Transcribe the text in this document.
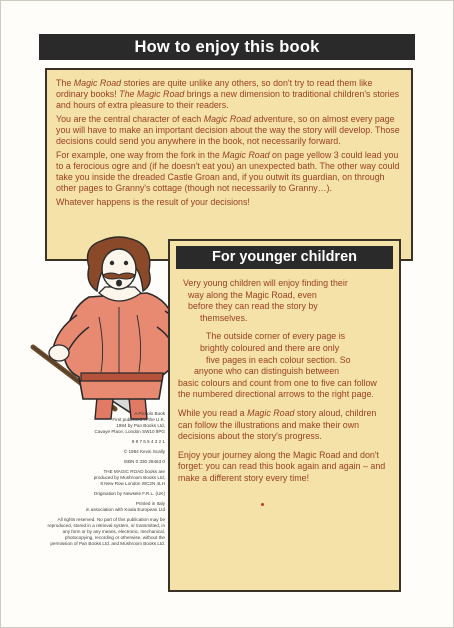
How to enjoy this book

The Magic Road stories are quite unlike any others, so don't try to read them like ordinary books! The Magic Road brings a new dimension to traditional children's stories and hours of extra pleasure to their readers.

You are the central character of each Magic Road adventure, so on almost every page you will have to make an important decision about the way the story will develop. Those decisions could send you anywhere in the book, not necessarily forward.

For example, one way from the fork in the Magic Road on page yellow 3 could lead you to a ferocious ogre and (if he doesn't eat you) an unexpected bath. The other way could take you inside the dreaded Castle Groan and, if you outwit its guardian, on through other pages to Granny's cottage (though not necessarily to Granny…).

Whatever happens is the result of your decisions!

For younger children

Very young children will enjoy finding their
way along the Magic Road, even
before they can read the story by
themselves.

The outside corner of every page is
brightly coloured and there are only
five pages in each colour section. So
anyone who can distinguish between
basic colours and count from one to five can follow the numbered directional arrows to the right page.

While you read a Magic Road story aloud, children can follow the illustrations and make their own decisions about the story's progress.

Enjoy your journey along the Magic Road and don't forget: you can read this book again and again – and make a different story every time!

A Piccolo Book
First published in the U.K.
1984 by Pan Books Ltd,
Cavaye Place, London SW10 9PG

9 8 7 6 5 4 3 2 1

© 1984 Kevin Scally

ISBN 0 330 28463 0

THE MAGIC ROAD books are
produced by Mushroom Books Ltd,
8 New Row London WC2N 4LH

Origination by Newsele F.R.L. (UK)

Printed in Italy
in association with Koala European Ltd

All rights reserved. No part of this publication may be reproduced, stored in a retrieval system, or transmitted, in any form or by any means, electronic, mechanical, photocopying, recording or otherwise, without the permission of Pan Books Ltd. and Mushroom Books Ltd.
